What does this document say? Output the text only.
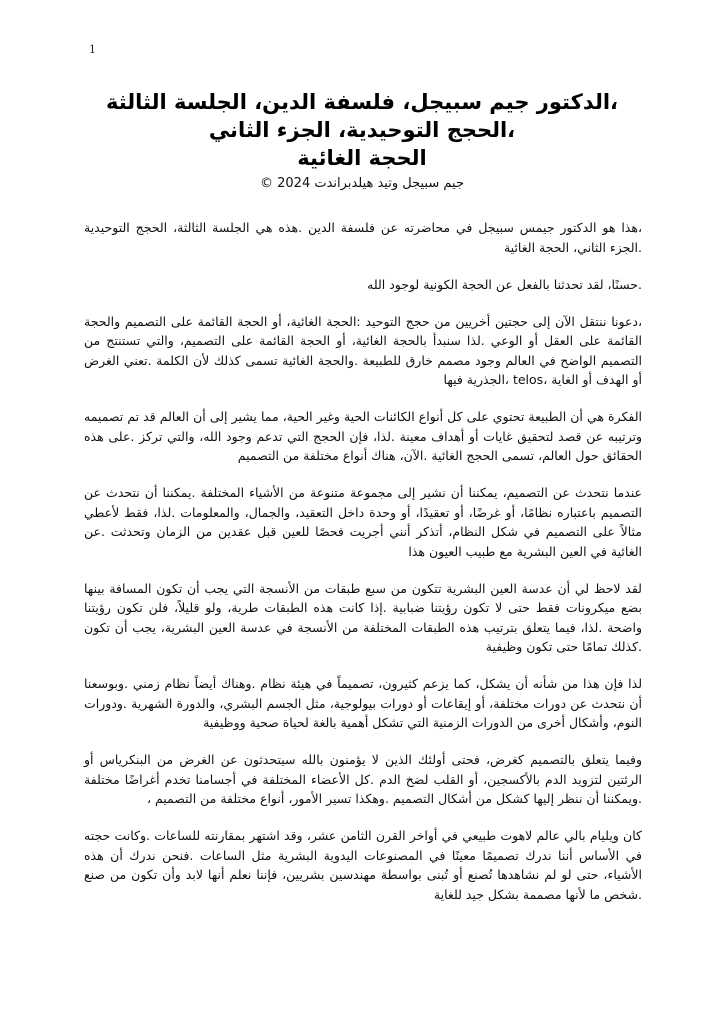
1
،الدكتور جيم سبيجل، فلسفة الدين، الجلسة الثالثة
،الحجج التوحيدية، الجزء الثاني
الحجة الغائية
جيم سبيجل وتيد هيلدبراندت 2024 ©

،هذا هو الدكتور جيمس سبيجل في محاضرته عن فلسفة الدين .هذه هي الجلسة الثالثة، الحجج التوحيدية .الجزء الثاني، الحجة الغائية

.حسنًا، لقد تحدثنا بالفعل عن الحجة الكونية لوجود الله

،دعونا ننتقل الآن إلى حجتين أخريين من حجج التوحيد :الحجة الغائية، أو الحجة القائمة على التصميم والحجة القائمة على العقل أو الوعي .لذا سنبدأ بالحجة الغائية، أو الحجة القائمة على التصميم، والتي تستنتج من التصميم الواضح في العالم وجود مصمم خارق للطبيعة .والحجة الغائية تسمى كذلك لأن الكلمة .تعني الغرض أو الهدف أو الغاية ،telos ،الجذرية فيها

الفكرة هي أن الطبيعة تحتوي على كل أنواع الكائنات الحية وغير الحية، مما يشير إلى أن العالم قد تم تصميمه وترتيبه عن قصد لتحقيق غايات أو أهداف معينة .لذا، فإن الحجج التي تدعم وجود الله، والتي تركز .على هذه الحقائق حول العالم، تسمى الحجج الغائية .الآن، هناك أنواع مختلفة من التصميم

عندما نتحدث عن التصميم، يمكننا أن نشير إلى مجموعة متنوعة من الأشياء المختلفة .يمكننا أن نتحدث عن التصميم باعتباره نظامًا، أو غرضًا، أو تعقيدًا، أو وحدة داخل التعقيد، والجمال، والمعلومات .لذا، فقط لأعطي مثالاً على التصميم في شكل النظام، أتذكر أنني أجريت فحصًا للعين قبل عقدين من الزمان وتحدثت .عن الغائية في العين البشرية مع طبيب العيون هذا

لقد لاحظ لي أن عدسة العين البشرية تتكون من سبع طبقات من الأنسجة التي يجب أن تكون المسافة بينها بضع ميكرونات فقط حتى لا تكون رؤيتنا ضبابية .إذا كانت هذه الطبقات طرية، ولو قليلاً، فلن تكون رؤيتنا واضحة .لذا، فيما يتعلق بترتيب هذه الطبقات المختلفة من الأنسجة في عدسة العين البشرية، يجب أن تكون .كذلك تمامًا حتى تكون وظيفية

لذا فإن هذا من شأنه أن يشكل، كما يزعم كثيرون، تصميماً في هيئة نظام .وهناك أيضاً نظام زمني .وبوسعنا أن نتحدث عن دورات مختلفة، أو إيقاعات أو دورات بيولوجية، مثل الجسم البشري، والدورة الشهرية .ودورات النوم، وأشكال أخرى من الدورات الزمنية التي تشكل أهمية بالغة لحياة صحية ووظيفية

وفيما يتعلق بالتصميم كغرض، فحتى أولئك الذين لا يؤمنون بالله سيتحدثون عن الغرض من البنكرياس أو الرئتين لتزويد الدم بالأكسجين، أو القلب لضخ الدم .كل الأعضاء المختلفة في أجسامنا تخدم أغراضًا مختلفة .ويمكننا أن ننظر إليها كشكل من أشكال التصميم .وهكذا تسير الأمور، أنواع مختلفة من التصميم ،

كان ويليام بالي عالم لاهوت طبيعي في أواخر القرن الثامن عشر، وقد اشتهر بمقارنته للساعات .وكانت حجته في الأساس أننا ندرك تصميمًا معينًا في المصنوعات اليدوية البشرية مثل الساعات .فنحن ندرك أن هذه الأشياء، حتى لو لم نشاهدها تُصنع أو تُبنى بواسطة مهندسين بشريين، فإننا نعلم أنها لابد وأن تكون من صنع .شخص ما لأنها مصممة بشكل جيد للغاية
